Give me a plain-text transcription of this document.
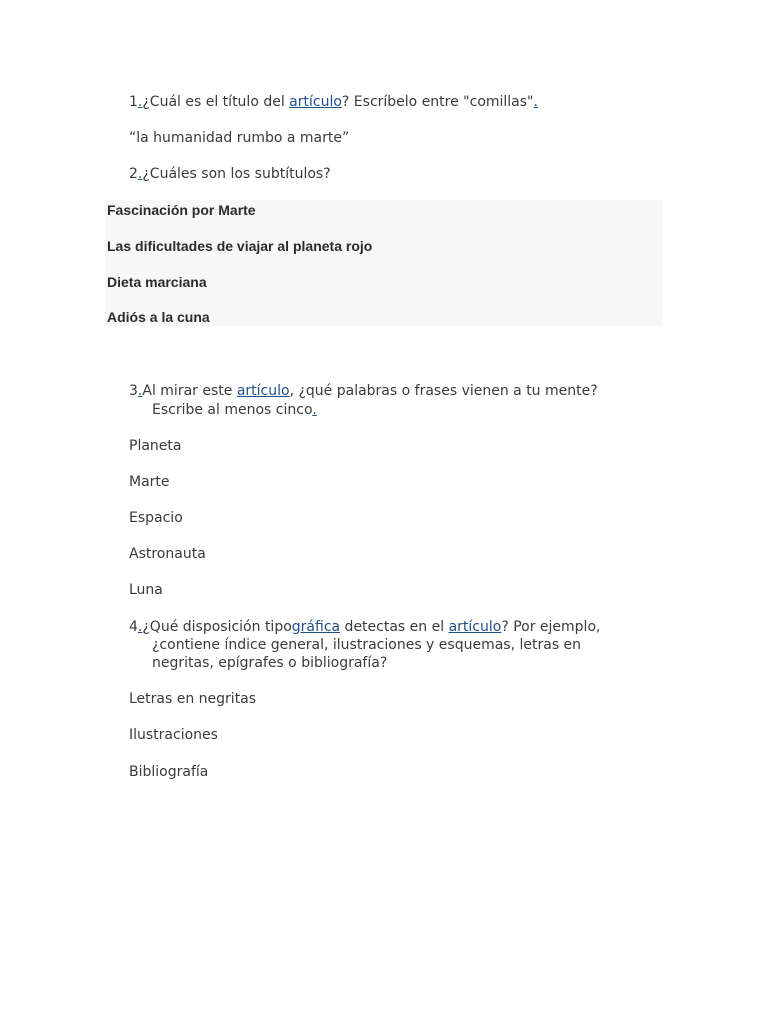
1.¿Cuál es el título del artículo? Escríbelo entre "comillas".
“la humanidad rumbo a marte”
2.¿Cuáles son los subtítulos?
Fascinación por Marte
Las dificultades de viajar al planeta rojo
Dieta marciana
Adiós a la cuna
3.Al mirar este artículo, ¿qué palabras o frases vienen a tu mente?
Escribe al menos cinco.
Planeta
Marte
Espacio
Astronauta
Luna
4.¿Qué disposición tipográfica detectas en el artículo? Por ejemplo,
¿contiene índice general, ilustraciones y esquemas, letras en
negritas, epígrafes o bibliografía?
Letras en negritas
Ilustraciones
Bibliografía
